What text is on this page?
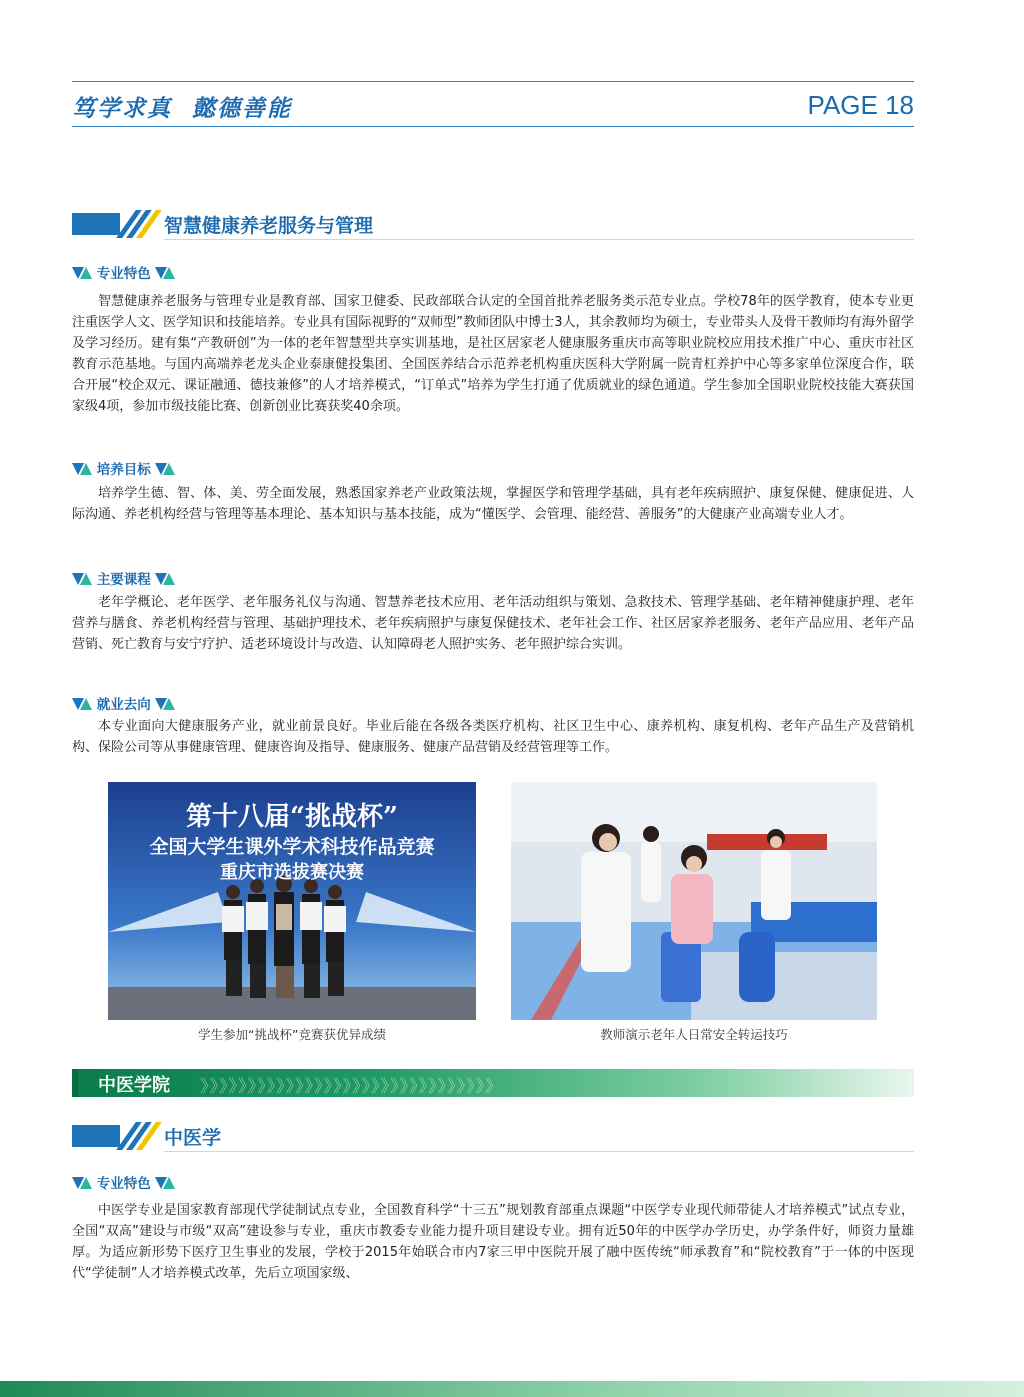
笃学求真  懿德善能	PAGE 18
智慧健康养老服务与管理
专业特色
智慧健康养老服务与管理专业是教育部、国家卫健委、民政部联合认定的全国首批养老服务类示范专业点。学校78年的医学教育，使本专业更注重医学人文、医学知识和技能培养。专业具有国际视野的“双师型”教师团队中博士3人，其余教师均为硕士，专业带头人及骨干教师均有海外留学及学习经历。建有集“产教研创”为一体的老年智慧型共享实训基地，是社区居家老人健康服务重庆市高等职业院校应用技术推广中心、重庆市社区教育示范基地。与国内高端养老龙头企业泰康健投集团、全国医养结合示范养老机构重庆医科大学附属一院青杠养护中心等多家单位深度合作，联合开展“校企双元、课证融通、德技兼修”的人才培养模式，“订单式”培养为学生打通了优质就业的绿色通道。学生参加全国职业院校技能大赛获国家级4项，参加市级技能比赛、创新创业比赛获奖40余项。
培养目标
培养学生德、智、体、美、劳全面发展，熟悉国家养老产业政策法规，掌握医学和管理学基础，具有老年疾病照护、康复保健、健康促进、人际沟通、养老机构经营与管理等基本理论、基本知识与基本技能，成为“懂医学、会管理、能经营、善服务”的大健康产业高端专业人才。
主要课程
老年学概论、老年医学、老年服务礼仪与沟通、智慧养老技术应用、老年活动组织与策划、急救技术、管理学基础、老年精神健康护理、老年营养与膳食、养老机构经营与管理、基础护理技术、老年疾病照护与康复保健技术、老年社会工作、社区居家养老服务、老年产品应用、老年产品营销、死亡教育与安宁疗护、适老环境设计与改造、认知障碍老人照护实务、老年照护综合实训。
就业去向
本专业面向大健康服务产业，就业前景良好。毕业后能在各级各类医疗机构、社区卫生中心、康养机构、康复机构、老年产品生产及营销机构、保险公司等从事健康管理、健康咨询及指导、健康服务、健康产品营销及经营管理等工作。
第十八届“挑战杯”
全国大学生课外学术科技作品竞赛
重庆市选拔赛决赛
学生参加“挑战杯”竞赛获优异成绩	教师演示老年人日常安全转运技巧
中医学院 》》》》》》》》》》》》》》》》》》》》》》》》》》》》》》》
中医学
专业特色
中医学专业是国家教育部现代学徒制试点专业，全国教育科学“十三五”规划教育部重点课题“中医学专业现代师带徒人才培养模式”试点专业，全国“双高”建设与市级“双高”建设参与专业，重庆市教委专业能力提升项目建设专业。拥有近50年的中医学办学历史，办学条件好，师资力量雄厚。为适应新形势下医疗卫生事业的发展，学校于2015年始联合市内7家三甲中医院开展了融中医传统“师承教育”和“院校教育”于一体的中医现代“学徒制”人才培养模式改革，先后立项国家级、
